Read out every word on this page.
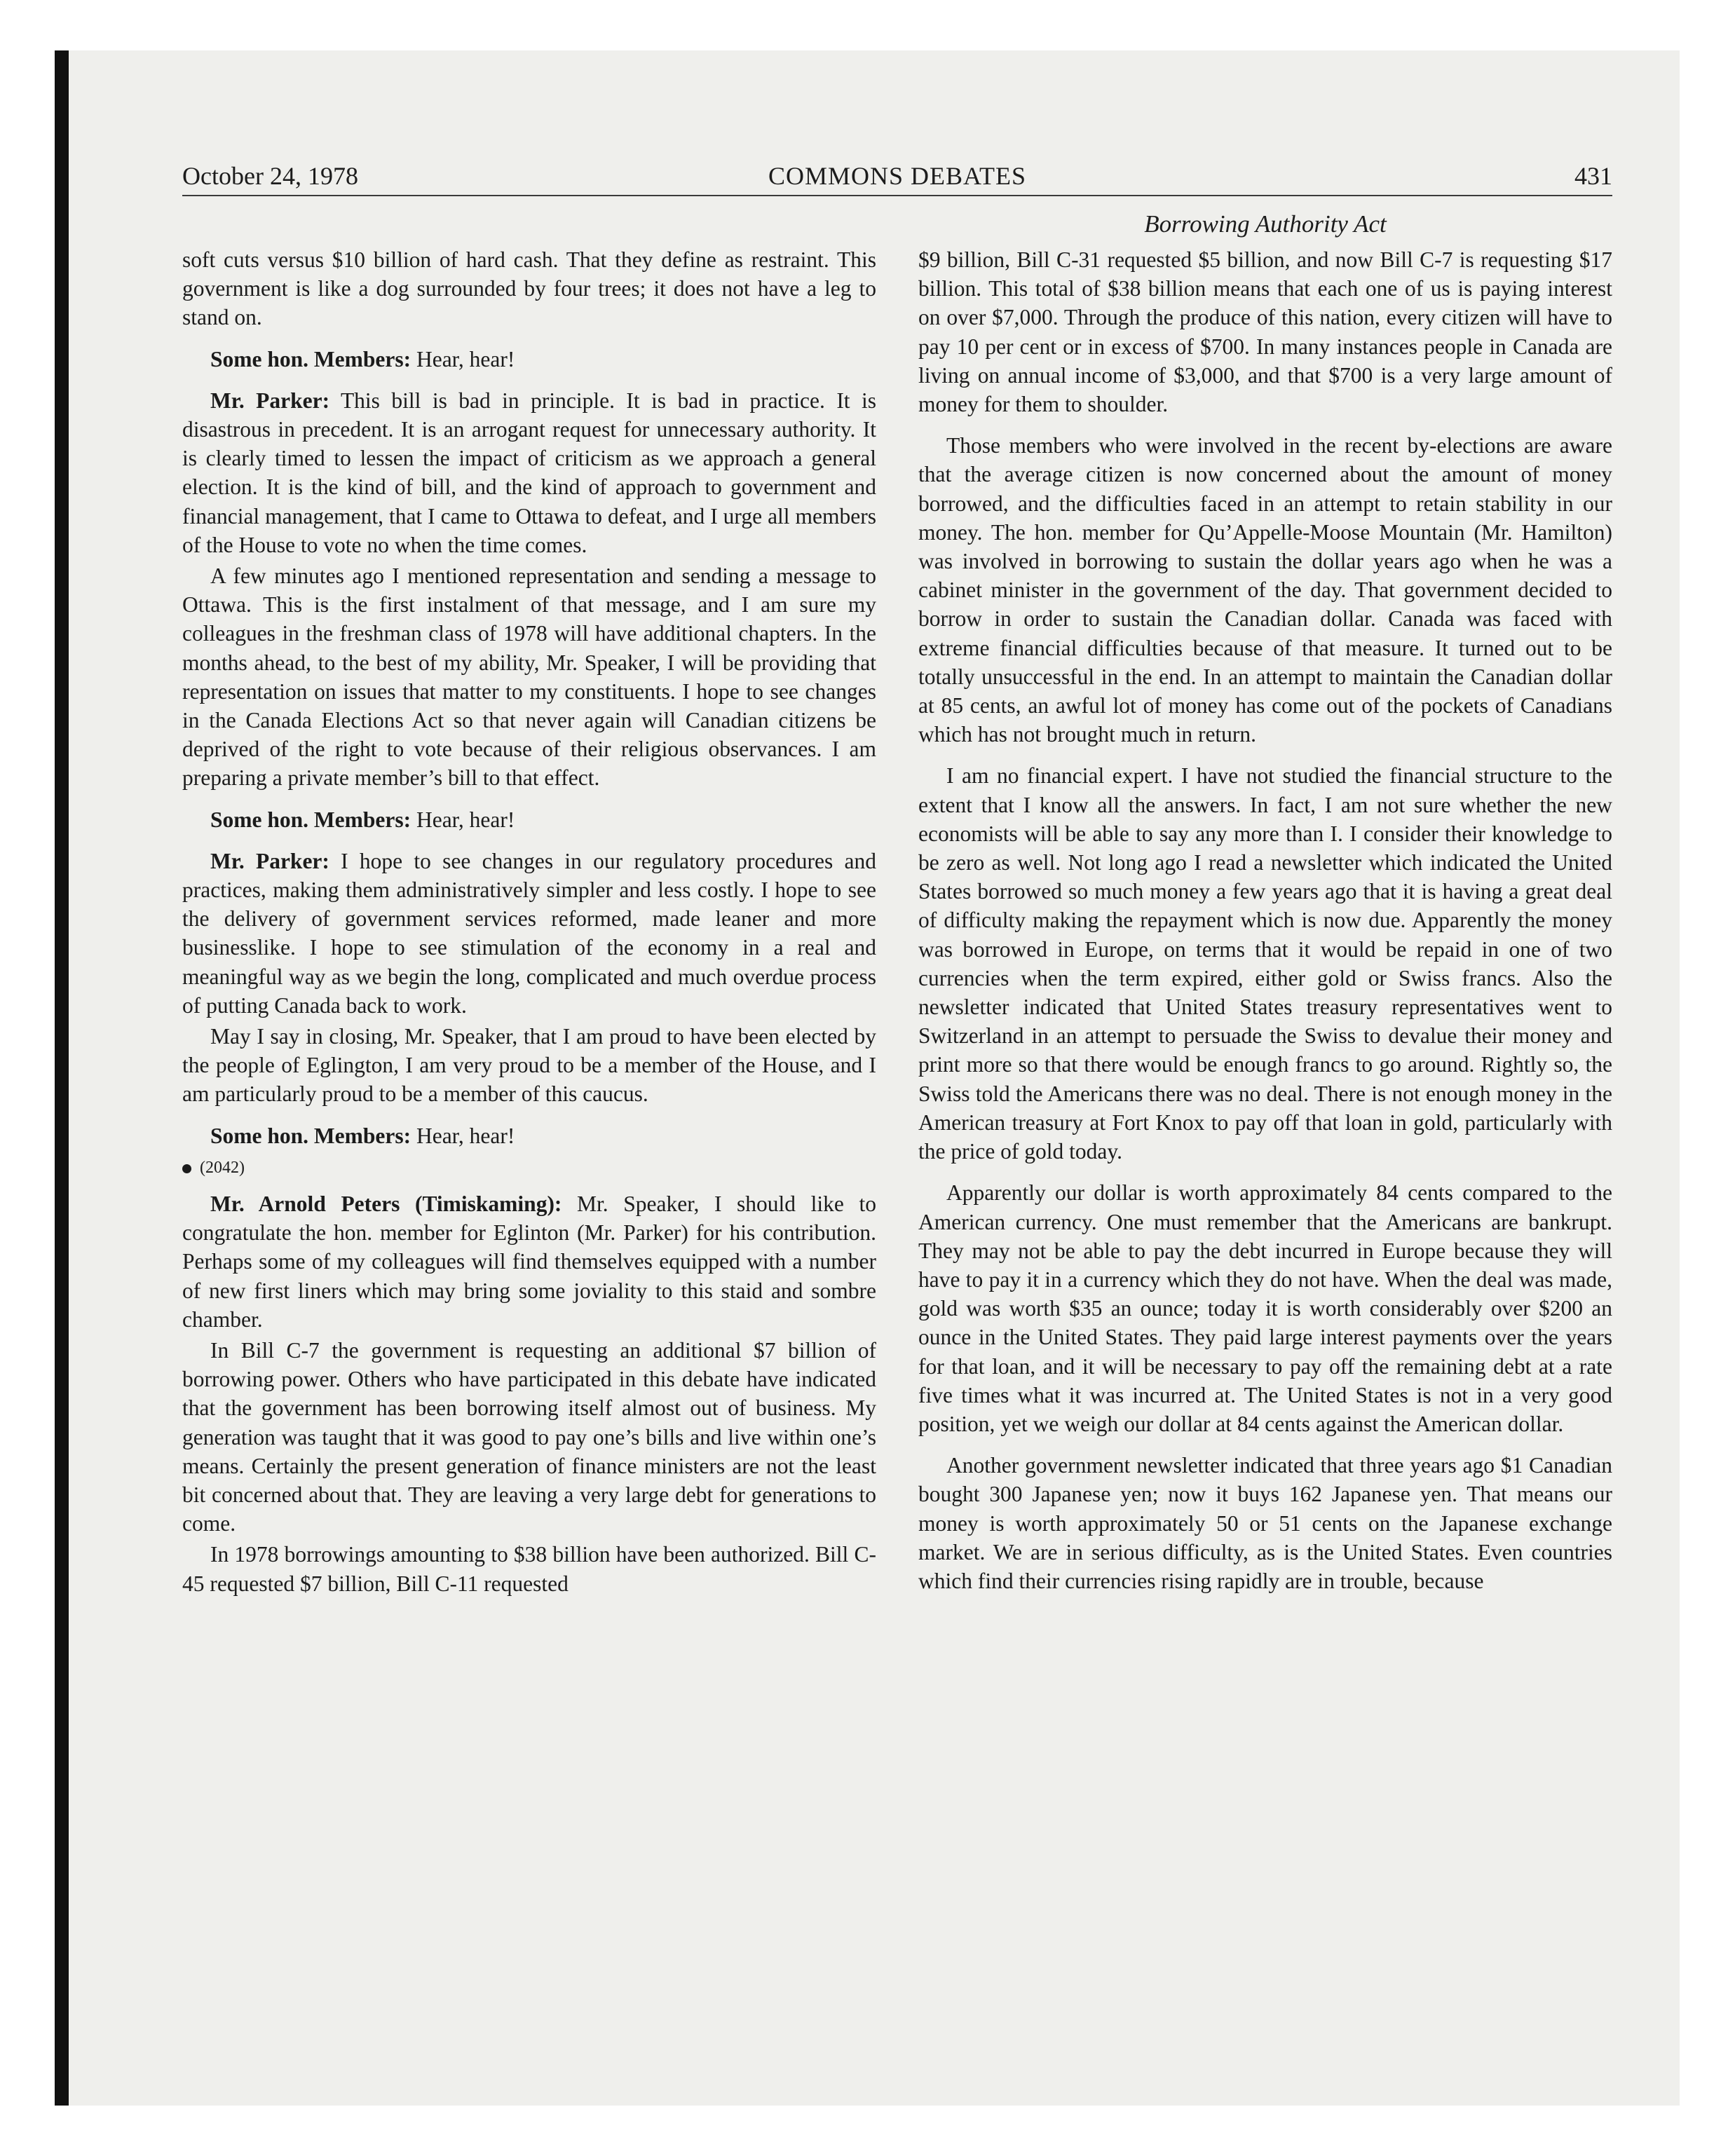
October 24, 1978	COMMONS DEBATES	431
Borrowing Authority Act

soft cuts versus $10 billion of hard cash. That they define as restraint. This government is like a dog surrounded by four trees; it does not have a leg to stand on.

Some hon. Members: Hear, hear!

Mr. Parker: This bill is bad in principle. It is bad in practice. It is disastrous in precedent. It is an arrogant request for unnecessary authority. It is clearly timed to lessen the impact of criticism as we approach a general election. It is the kind of bill, and the kind of approach to government and financial management, that I came to Ottawa to defeat, and I urge all members of the House to vote no when the time comes.

A few minutes ago I mentioned representation and sending a message to Ottawa. This is the first instalment of that message, and I am sure my colleagues in the freshman class of 1978 will have additional chapters. In the months ahead, to the best of my ability, Mr. Speaker, I will be providing that representation on issues that matter to my constituents. I hope to see changes in the Canada Elections Act so that never again will Canadian citizens be deprived of the right to vote because of their religious observances. I am preparing a private member’s bill to that effect.

Some hon. Members: Hear, hear!

Mr. Parker: I hope to see changes in our regulatory procedures and practices, making them administratively simpler and less costly. I hope to see the delivery of government services reformed, made leaner and more businesslike. I hope to see stimulation of the economy in a real and meaningful way as we begin the long, complicated and much overdue process of putting Canada back to work.

May I say in closing, Mr. Speaker, that I am proud to have been elected by the people of Eglington, I am very proud to be a member of the House, and I am particularly proud to be a member of this caucus.

Some hon. Members: Hear, hear!

(2042)

Mr. Arnold Peters (Timiskaming): Mr. Speaker, I should like to congratulate the hon. member for Eglinton (Mr. Parker) for his contribution. Perhaps some of my colleagues will find themselves equipped with a number of new first liners which may bring some joviality to this staid and sombre chamber.

In Bill C-7 the government is requesting an additional $7 billion of borrowing power. Others who have participated in this debate have indicated that the government has been borrowing itself almost out of business. My generation was taught that it was good to pay one’s bills and live within one’s means. Certainly the present generation of finance ministers are not the least bit concerned about that. They are leaving a very large debt for generations to come.

In 1978 borrowings amounting to $38 billion have been authorized. Bill C-45 requested $7 billion, Bill C-11 requested

$9 billion, Bill C-31 requested $5 billion, and now Bill C-7 is requesting $17 billion. This total of $38 billion means that each one of us is paying interest on over $7,000. Through the produce of this nation, every citizen will have to pay 10 per cent or in excess of $700. In many instances people in Canada are living on annual income of $3,000, and that $700 is a very large amount of money for them to shoulder.

Those members who were involved in the recent by-elections are aware that the average citizen is now concerned about the amount of money borrowed, and the difficulties faced in an attempt to retain stability in our money. The hon. member for Qu’Appelle-Moose Mountain (Mr. Hamilton) was involved in borrowing to sustain the dollar years ago when he was a cabinet minister in the government of the day. That government decided to borrow in order to sustain the Canadian dollar. Canada was faced with extreme financial difficulties because of that measure. It turned out to be totally unsuccessful in the end. In an attempt to maintain the Canadian dollar at 85 cents, an awful lot of money has come out of the pockets of Canadians which has not brought much in return.

I am no financial expert. I have not studied the financial structure to the extent that I know all the answers. In fact, I am not sure whether the new economists will be able to say any more than I. I consider their knowledge to be zero as well. Not long ago I read a newsletter which indicated the United States borrowed so much money a few years ago that it is having a great deal of difficulty making the repayment which is now due. Apparently the money was borrowed in Europe, on terms that it would be repaid in one of two currencies when the term expired, either gold or Swiss francs. Also the newsletter indicated that United States treasury representatives went to Switzerland in an attempt to persuade the Swiss to devalue their money and print more so that there would be enough francs to go around. Rightly so, the Swiss told the Americans there was no deal. There is not enough money in the American treasury at Fort Knox to pay off that loan in gold, particularly with the price of gold today.

Apparently our dollar is worth approximately 84 cents compared to the American currency. One must remember that the Americans are bankrupt. They may not be able to pay the debt incurred in Europe because they will have to pay it in a currency which they do not have. When the deal was made, gold was worth $35 an ounce; today it is worth considerably over $200 an ounce in the United States. They paid large interest payments over the years for that loan, and it will be necessary to pay off the remaining debt at a rate five times what it was incurred at. The United States is not in a very good position, yet we weigh our dollar at 84 cents against the American dollar.

Another government newsletter indicated that three years ago $1 Canadian bought 300 Japanese yen; now it buys 162 Japanese yen. That means our money is worth approximately 50 or 51 cents on the Japanese exchange market. We are in serious difficulty, as is the United States. Even countries which find their currencies rising rapidly are in trouble, because
